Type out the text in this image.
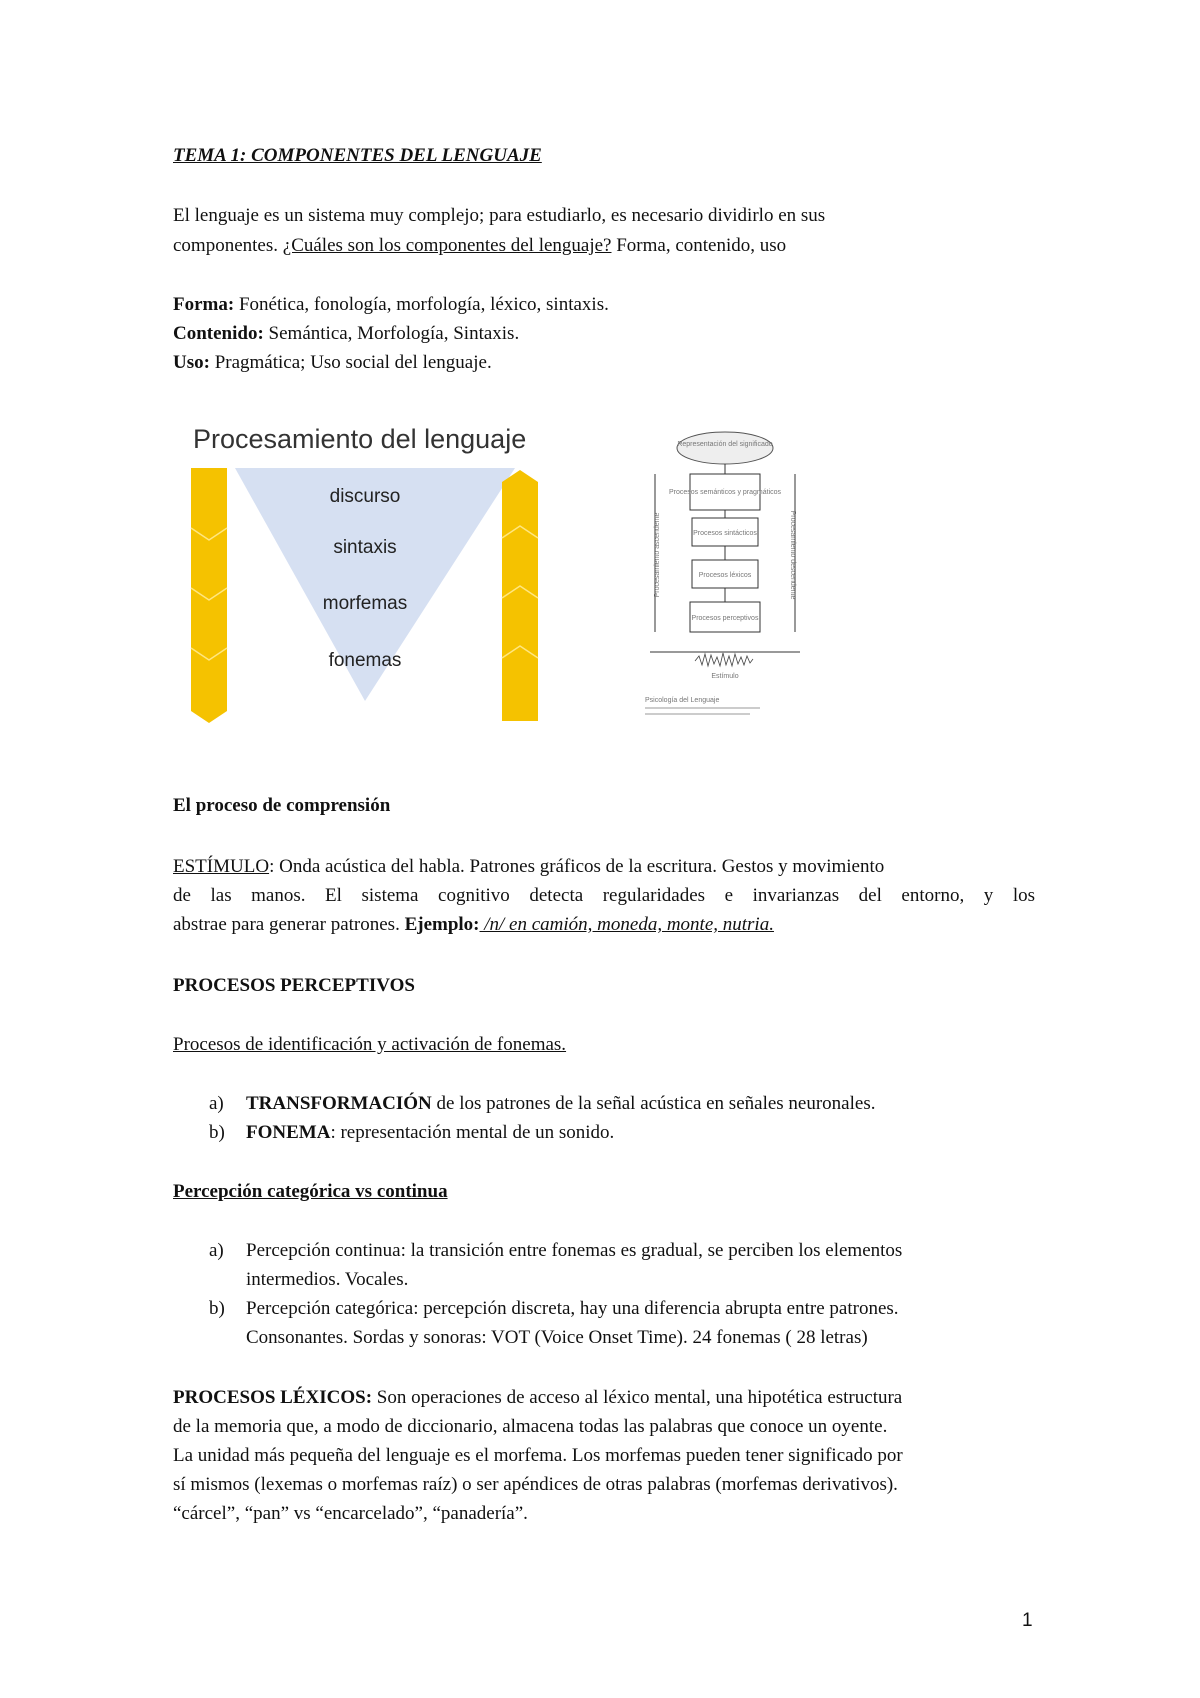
TEMA 1: COMPONENTES DEL LENGUAJE
El lenguaje es un sistema muy complejo; para estudiarlo, es necesario dividirlo en sus
componentes. ¿Cuáles son los componentes del lenguaje? Forma, contenido, uso
Forma: Fonética, fonología, morfología, léxico, sintaxis.
Contenido: Semántica, Morfología, Sintaxis.
Uso: Pragmática; Uso social del lenguaje.
El proceso de comprensión
ESTÍMULO: Onda acústica del habla. Patrones gráficos de la escritura. Gestos y movimiento
de las manos. El sistema cognitivo detecta regularidades e invarianzas del entorno, y los
abstrae para generar patrones. Ejemplo: /n/ en camión, moneda, monte, nutria.
PROCESOS PERCEPTIVOS
Procesos de identificación y activación de fonemas.
a) TRANSFORMACIÓN de los patrones de la señal acústica en señales neuronales.
b) FONEMA: representación mental de un sonido.
Percepción categórica vs continua
a) Percepción continua: la transición entre fonemas es gradual, se perciben los elementos
intermedios. Vocales.
b) Percepción categórica: percepción discreta, hay una diferencia abrupta entre patrones.
Consonantes. Sordas y sonoras: VOT (Voice Onset Time). 24 fonemas ( 28 letras)
PROCESOS LÉXICOS: Son operaciones de acceso al léxico mental, una hipotética estructura
de la memoria que, a modo de diccionario, almacena todas las palabras que conoce un oyente.
La unidad más pequeña del lenguaje es el morfema. Los morfemas pueden tener significado por
sí mismos (lexemas o morfemas raíz) o ser apéndices de otras palabras (morfemas derivativos).
“cárcel”, “pan” vs “encarcelado”, “panadería”.
Procesamiento del lenguaje
discurso
sintaxis
morfemas
fonemas
Representación del significado
Procesos semánticos y pragmáticos
Procesos sintácticos
Procesos léxicos
Procesos perceptivos
Procesamiento ascendente	Procesamiento descendente
Estímulo
Psicología del Lenguaje
1
